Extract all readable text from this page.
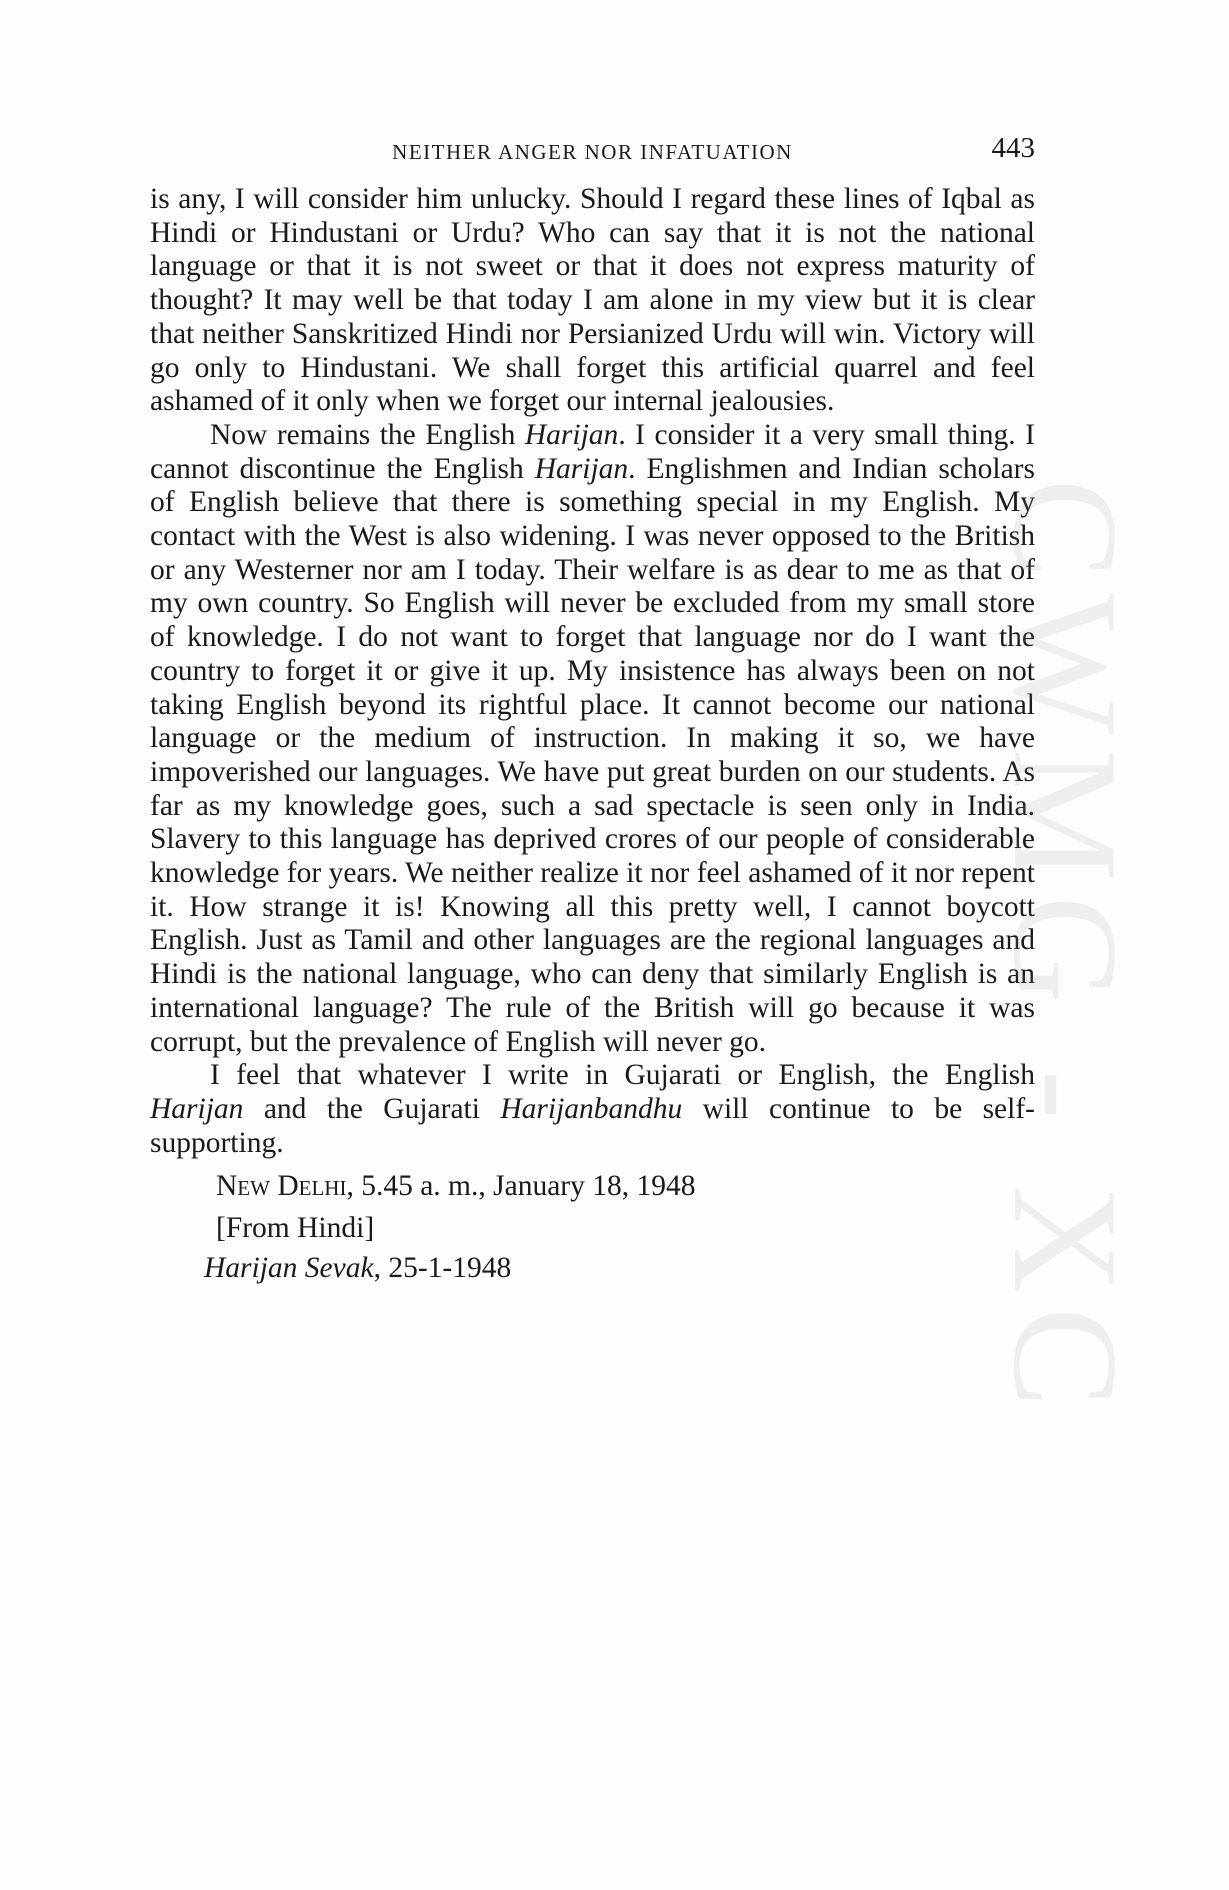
NEITHER ANGER NOR INFATUATION	443

is any, I will consider him unlucky. Should I regard these lines of Iqbal as Hindi or Hindustani or Urdu? Who can say that it is not the national language or that it is not sweet or that it does not express maturity of thought? It may well be that today I am alone in my view but it is clear that neither Sanskritized Hindi nor Persianized Urdu will win. Victory will go only to Hindustani. We shall forget this artificial quarrel and feel ashamed of it only when we forget our internal jealousies.

Now remains the English Harijan. I consider it a very small thing. I cannot discontinue the English Harijan. Englishmen and Indian scholars of English believe that there is something special in my English. My contact with the West is also widening. I was never opposed to the British or any Westerner nor am I today. Their welfare is as dear to me as that of my own country. So English will never be excluded from my small store of knowledge. I do not want to forget that language nor do I want the country to forget it or give it up. My insistence has always been on not taking English beyond its rightful place. It cannot become our national language or the medium of instruction. In making it so, we have impoverished our languages. We have put great burden on our students. As far as my knowledge goes, such a sad spectacle is seen only in India. Slavery to this language has deprived crores of our people of considerable knowledge for years. We neither realize it nor feel ashamed of it nor repent it. How strange it is! Knowing all this pretty well, I cannot boycott English. Just as Tamil and other languages are the regional languages and Hindi is the national language, who can deny that similarly English is an international language? The rule of the British will go because it was corrupt, but the prevalence of English will never go.

I feel that whatever I write in Gujarati or English, the English Harijan and the Gujarati Harijanbandhu will continue to be self-supporting.

New Delhi, 5.45 a. m., January 18, 1948

[From Hindi]

Harijan Sevak, 25-1-1948	CWMG - XC
